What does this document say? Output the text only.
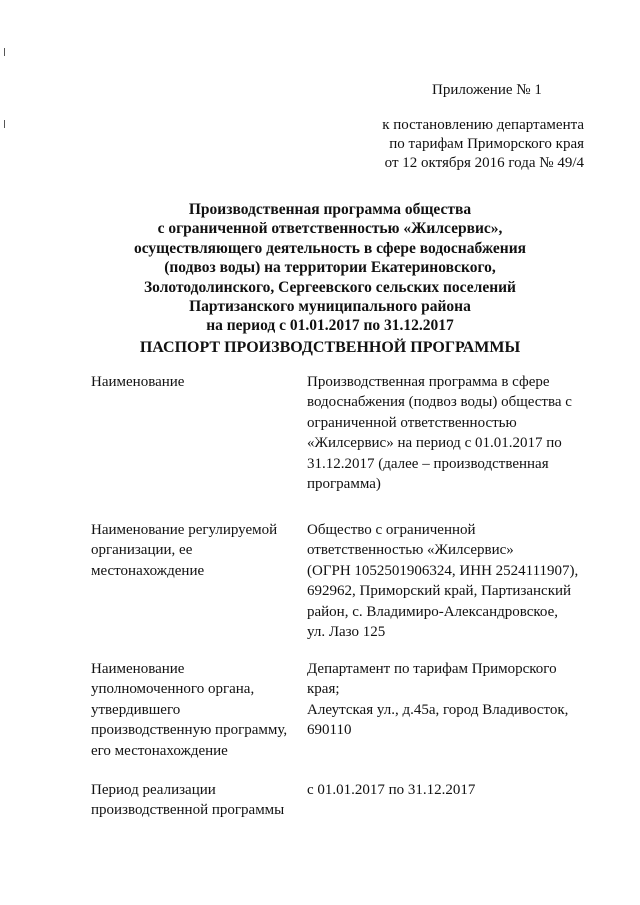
Приложение № 1
к постановлению департамента
по тарифам Приморского края
от 12 октября 2016 года № 49/4
Производственная программа общества
с ограниченной ответственностью «Жилсервис»,
осуществляющего деятельность в сфере водоснабжения
(подвоз воды) на территории Екатериновского,
Золотодолинского, Сергеевского сельских поселений
Партизанского муниципального района
на период с 01.01.2017 по 31.12.2017
ПАСПОРТ ПРОИЗВОДСТВЕННОЙ ПРОГРАММЫ
Наименование	Производственная программа в сфере
водоснабжения (подвоз воды) общества с
ограниченной ответственностью
«Жилсервис» на период с 01.01.2017 по
31.12.2017 (далее – производственная
программа)
Наименование регулируемой
организации, ее
местонахождение
Общество с ограниченной
ответственностью «Жилсервис»
(ОГРН 1052501906324, ИНН 2524111907),
692962, Приморский край, Партизанский
район, с. Владимиро-Александровское,
ул. Лазо 125
Наименование
уполномоченного органа,
утвердившего
производственную программу,
его местонахождение
Департамент по тарифам Приморского
края;
Алеутская ул., д.45а, город Владивосток,
690110
Период реализации
производственной программы
с 01.01.2017 по 31.12.2017
